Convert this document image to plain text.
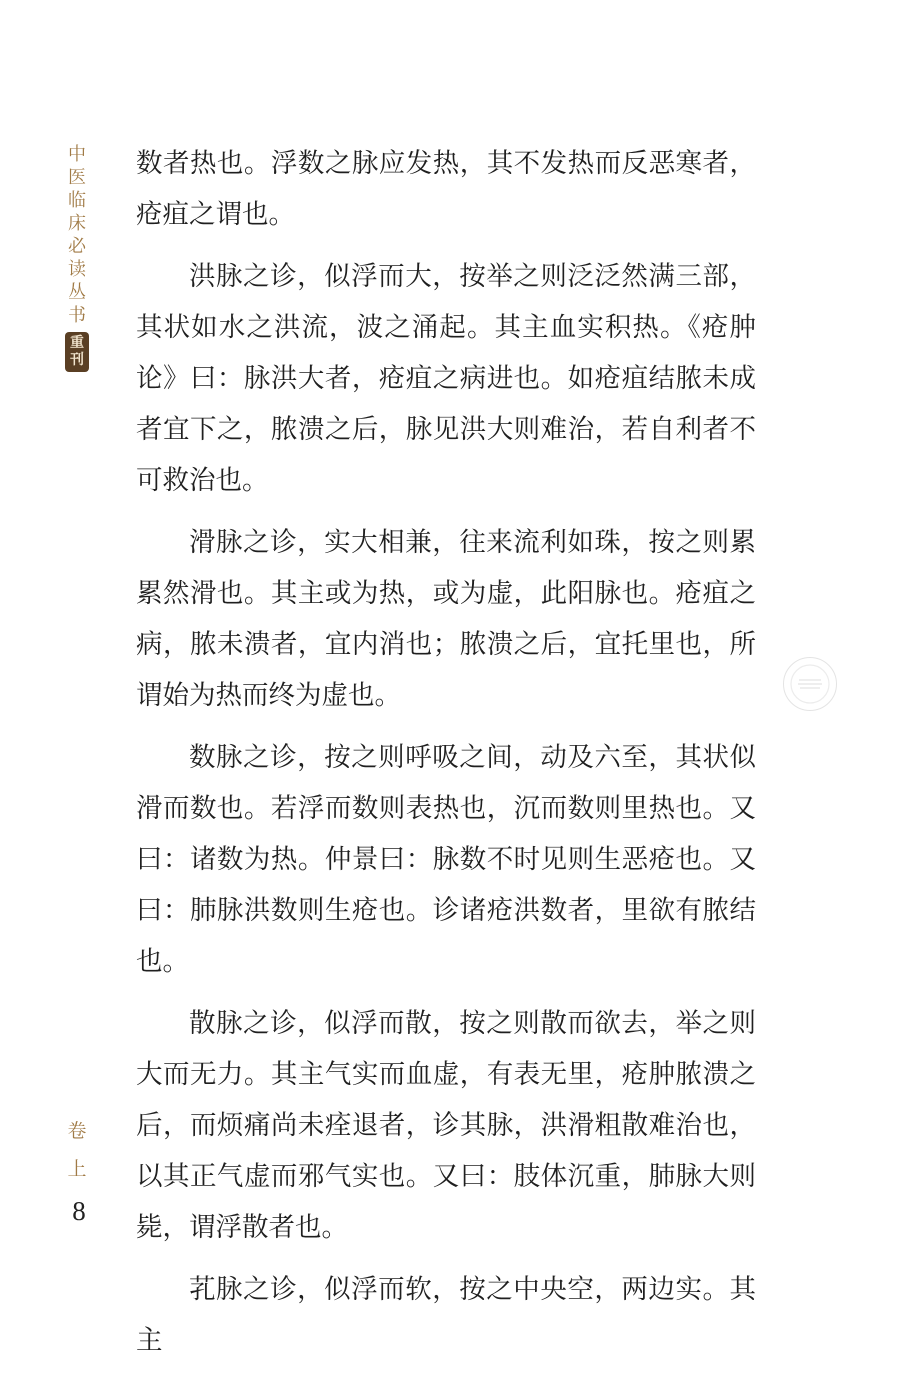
中
医
临
床
必
读
丛
书
重
刊

数者热也。浮数之脉应发热，其不发热而反恶寒者，疮疽之谓也。

洪脉之诊，似浮而大，按举之则泛泛然满三部，其状如水之洪流，波之涌起。其主血实积热。《疮肿论》曰：脉洪大者，疮疽之病进也。如疮疽结脓未成者宜下之，脓溃之后，脉见洪大则难治，若自利者不可救治也。

滑脉之诊，实大相兼，往来流利如珠，按之则累累然滑也。其主或为热，或为虚，此阳脉也。疮疽之病，脓未溃者，宜内消也；脓溃之后，宜托里也，所谓始为热而终为虚也。

数脉之诊，按之则呼吸之间，动及六至，其状似滑而数也。若浮而数则表热也，沉而数则里热也。又曰：诸数为热。仲景曰：脉数不时见则生恶疮也。又曰：肺脉洪数则生疮也。诊诸疮洪数者，里欲有脓结也。

散脉之诊，似浮而散，按之则散而欲去，举之则大而无力。其主气实而血虚，有表无里，疮肿脓溃之后，而烦痛尚未痊退者，诊其脉，洪滑粗散难治也，以其正气虚而邪气实也。又曰：肢体沉重，肺脉大则毙，谓浮散者也。

芤脉之诊，似浮而软，按之中央空，两边实。其主

卷
上
8
